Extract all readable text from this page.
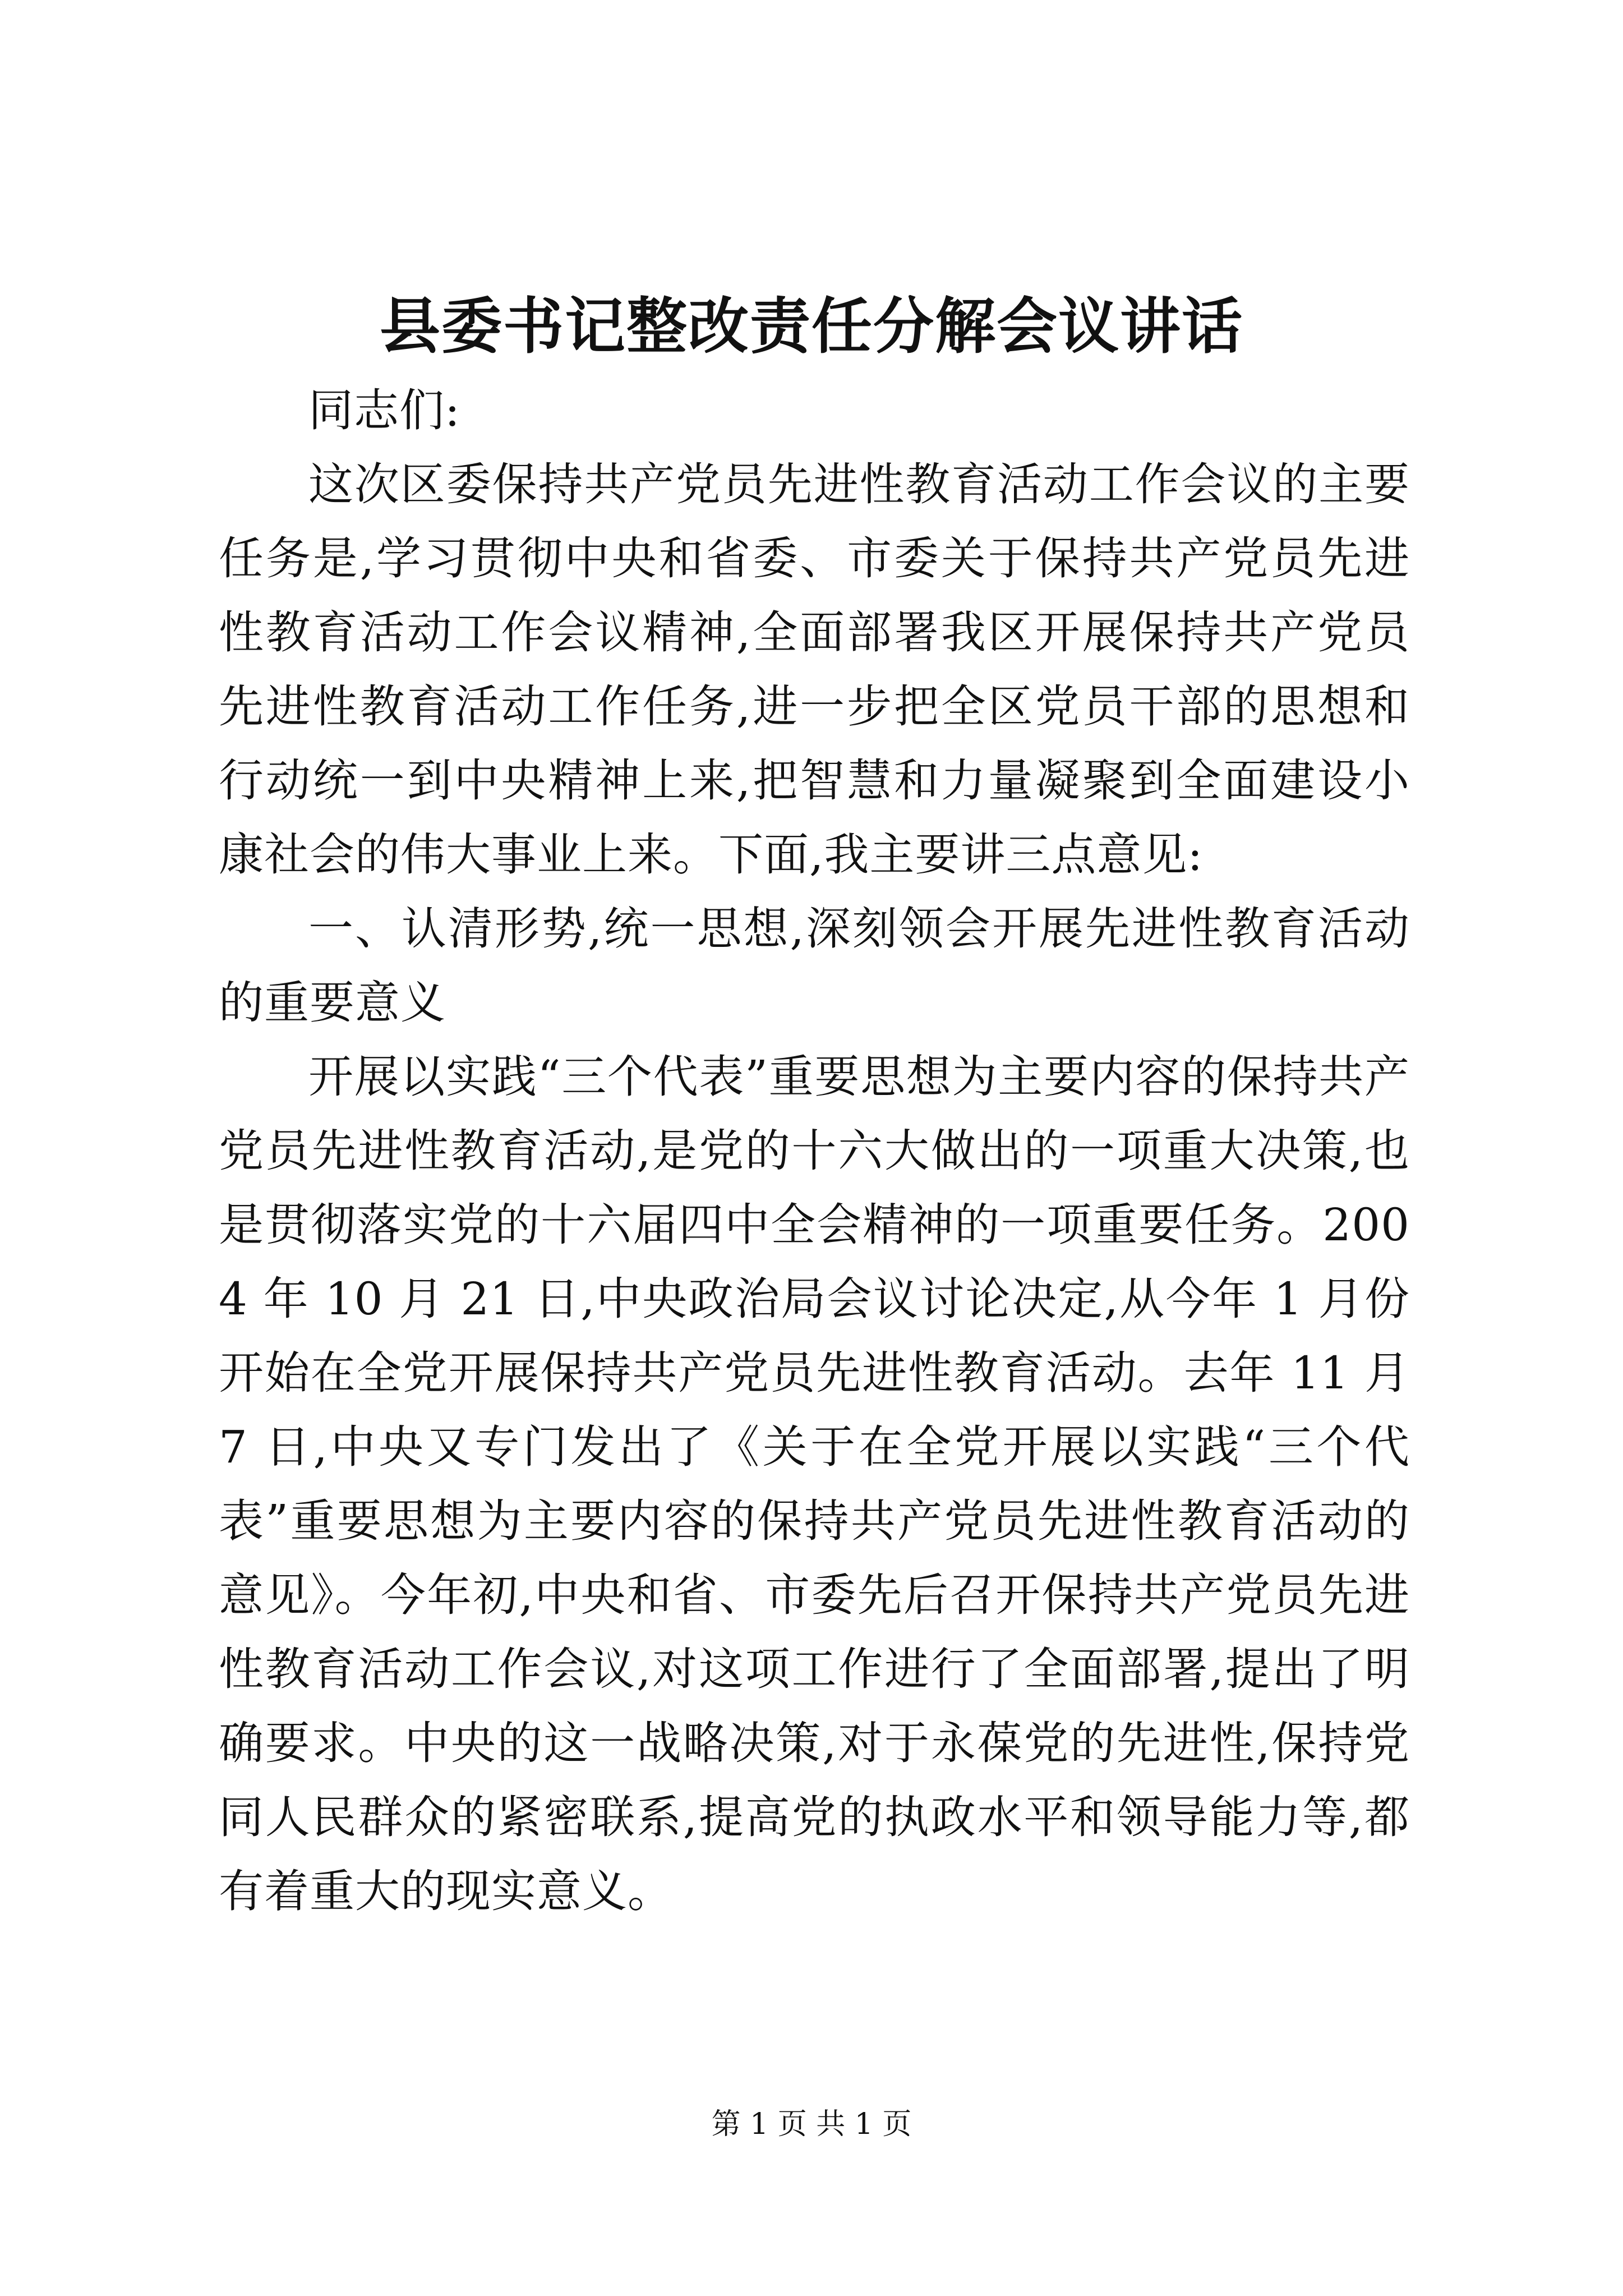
县委书记整改责任分解会议讲话

同志们:

这次区委保持共产党员先进性教育活动工作会议的主要任务是,学习贯彻中央和省委、市委关于保持共产党员先进性教育活动工作会议精神,全面部署我区开展保持共产党员先进性教育活动工作任务,进一步把全区党员干部的思想和行动统一到中央精神上来,把智慧和力量凝聚到全面建设小康社会的伟大事业上来。下面,我主要讲三点意见:

一、认清形势,统一思想,深刻领会开展先进性教育活动的重要意义

开展以实践“三个代表”重要思想为主要内容的保持共产党员先进性教育活动,是党的十六大做出的一项重大决策,也是贯彻落实党的十六届四中全会精神的一项重要任务。2004 年 10 月 21 日,中央政治局会议讨论决定,从今年 1 月份开始在全党开展保持共产党员先进性教育活动。去年 11 月 7 日,中央又专门发出了《关于在全党开展以实践“三个代表”重要思想为主要内容的保持共产党员先进性教育活动的意见》。今年初,中央和省、市委先后召开保持共产党员先进性教育活动工作会议,对这项工作进行了全面部署,提出了明确要求。中央的这一战略决策,对于永葆党的先进性,保持党同人民群众的紧密联系,提高党的执政水平和领导能力等,都有着重大的现实意义。

第 1 页 共 1 页
